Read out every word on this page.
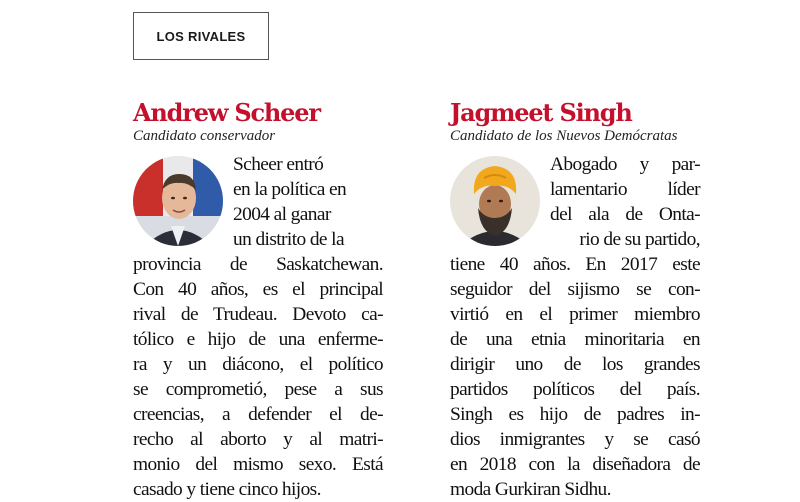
LOS RIVALES
Andrew Scheer
Candidato conservador
Scheer entró
en la política en
2004 al ganar
un distrito de la
provincia de Saskatchewan.
Con 40 años, es el principal
rival de Trudeau. Devoto ca-
tólico e hijo de una enferme-
ra y un diácono, el político
se comprometió, pese a sus
creencias, a defender el de-
recho al aborto y al matri-
monio del mismo sexo. Está
casado y tiene cinco hijos.
Jagmeet Singh
Candidato de los Nuevos Demócratas
Abogado y par-
lamentario líder
del ala de Onta-
rio de su partido,
tiene 40 años. En 2017 este
seguidor del sijismo se con-
virtió en el primer miembro
de una etnia minoritaria en
dirigir uno de los grandes
partidos políticos del país.
Singh es hijo de padres in-
dios inmigrantes y se casó
en 2018 con la diseñadora de
moda Gurkiran Sidhu.
